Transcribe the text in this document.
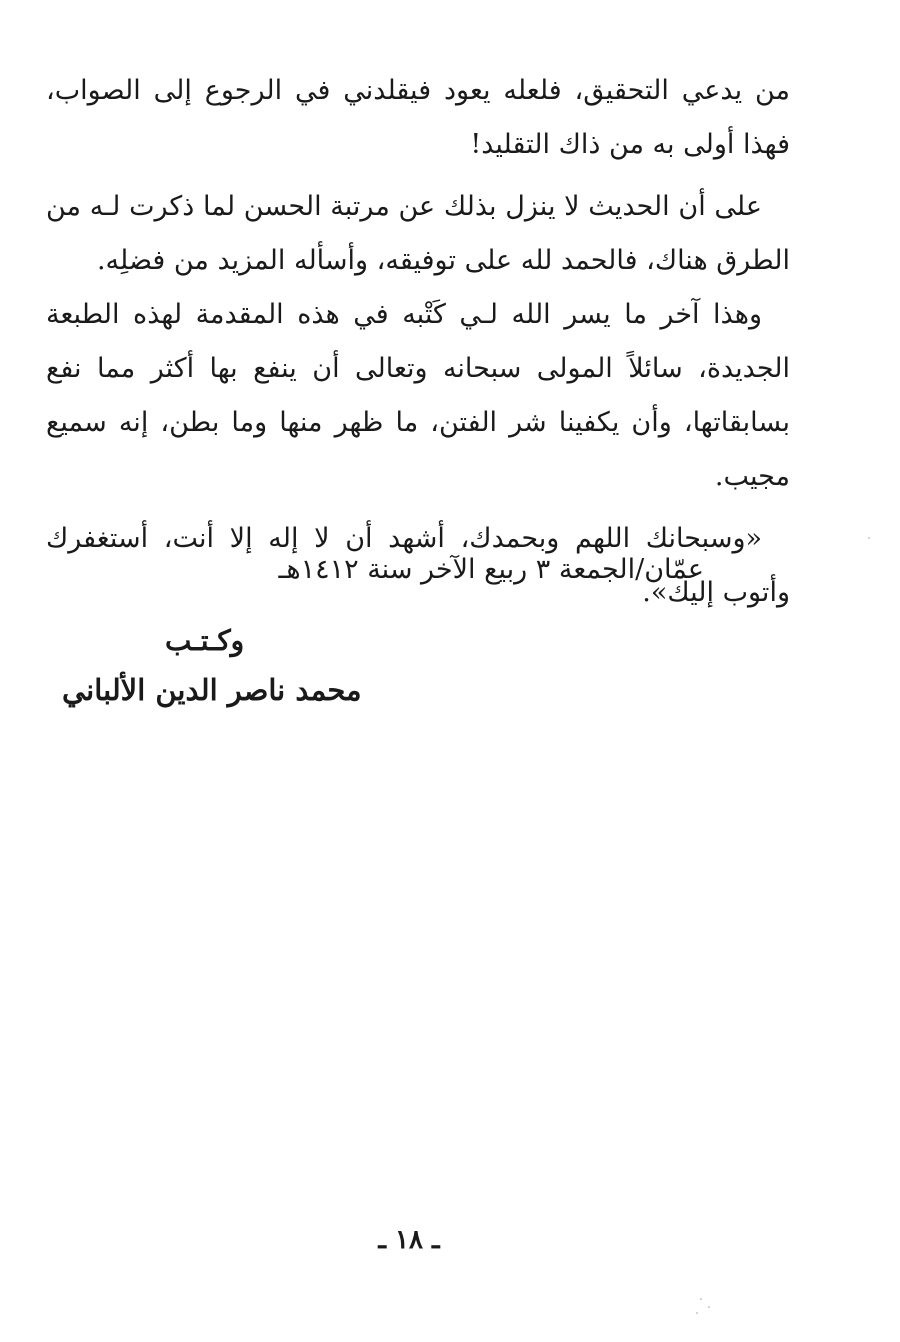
من يدعي التحقيق، فلعله يعود فيقلدني في الرجوع إلى الصواب، فهذا أولى به من ذاك التقليد!

على أن الحديث لا ينزل بذلك عن مرتبة الحسن لما ذكرت لـه من الطرق هناك، فالحمد لله على توفيقه، وأسأله المزيد من فضلِه.

وهذا آخر ما يسر الله لـي كَتْبه في هذه المقدمة لهذه الطبعة الجديدة، سائلاً المولى سبحانه وتعالى أن ينفع بها أكثر مما نفع بسابقاتها، وأن يكفينا شر الفتن، ما ظهر منها وما بطن، إنه سميع مجيب.

«وسبحانك اللهم وبحمدك، أشهد أن لا إله إلا أنت، أستغفرك وأتوب إليك».

عمّان/الجمعة ٣ ربيع الآخر سنة ١٤١٢هـ
وكـتـب
محمد ناصر الدين الألباني
ـ ١٨ ـ
